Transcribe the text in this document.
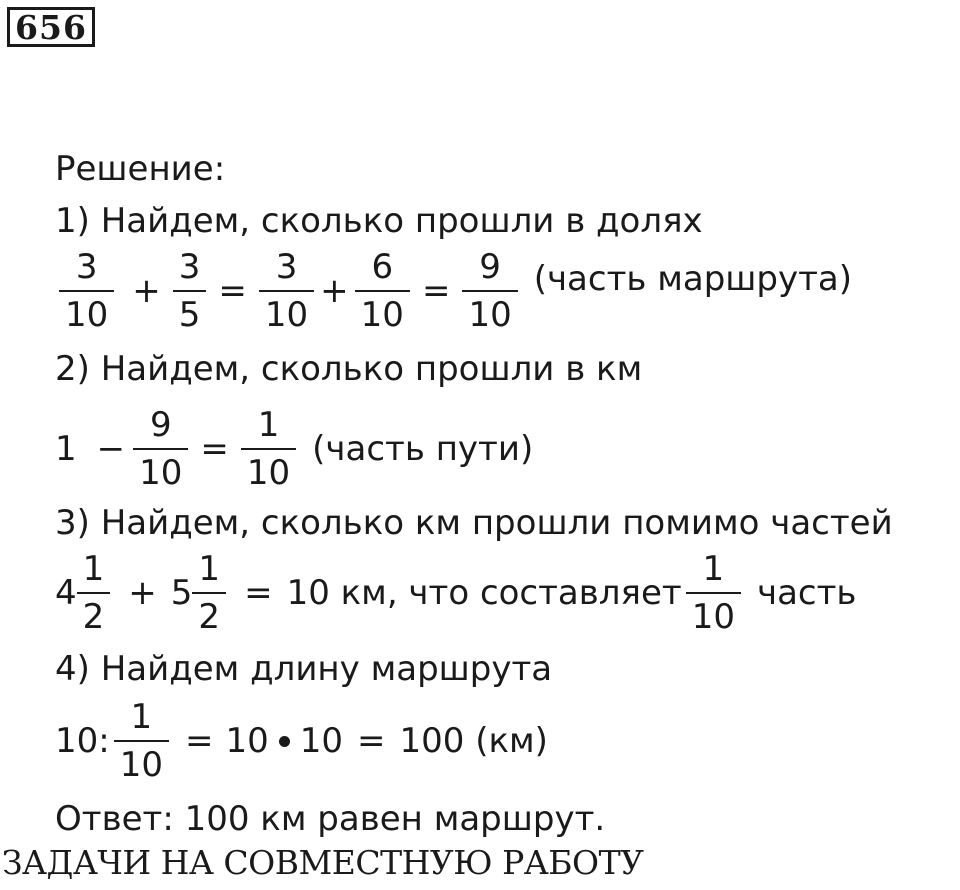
656
Решение:
1) Найдем, сколько прошли в долях
$\frac{3}{10} + \frac{3}{5} = \frac{3}{10} + \frac{6}{10} = \frac{9}{10}$ (часть маршрута)
2) Найдем, сколько прошли в км
$1 - \frac{9}{10} = \frac{1}{10}$ (часть пути)
3) Найдем, сколько км прошли помимо частей
$4 \frac{1}{2} + 5 \frac{1}{2} = 10$ км, что составляет $\frac{1}{10}$ часть
4) Найдем длину маршрута
10: $\frac{1}{10} = 10$ 10 = 100 (км)
Ответ: 100 км равен маршрут.
ЗАДАЧИ НА СОВМЕСТНУЮ РАБОТУ
